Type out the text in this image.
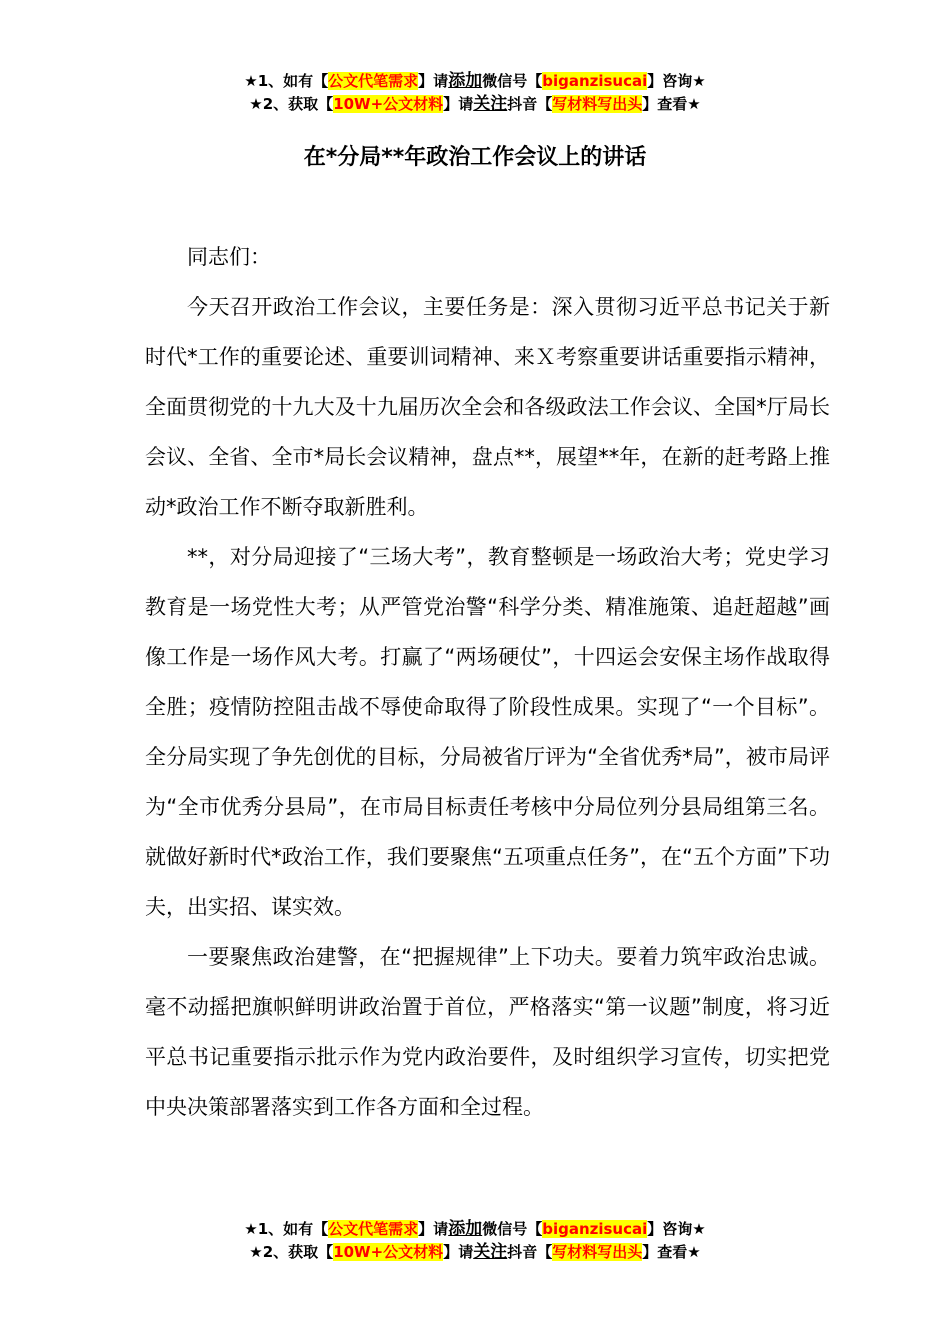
★1、如有【公文代笔需求】请添加微信号【biganzisucai】咨询★
★2、获取【10W+公文材料】请关注抖音【写材料写出头】查看★
在*分局**年政治工作会议上的讲话

同志们：

今天召开政治工作会议，主要任务是：深入贯彻习近平总书记关于新时代*工作的重要论述、重要训词精神、来Ｘ考察重要讲话重要指示精神，全面贯彻党的十九大及十九届历次全会和各级政法工作会议、全国*厅局长会议、全省、全市*局长会议精神，盘点**，展望**年，在新的赶考路上推动*政治工作不断夺取新胜利。

**，对分局迎接了“三场大考”，教育整顿是一场政治大考；党史学习教育是一场党性大考；从严管党治警“科学分类、精准施策、追赶超越”画像工作是一场作风大考。打赢了“两场硬仗”，十四运会安保主场作战取得全胜；疫情防控阻击战不辱使命取得了阶段性成果。实现了“一个目标”。全分局实现了争先创优的目标，分局被省厅评为“全省优秀*局”，被市局评为“全市优秀分县局”，在市局目标责任考核中分局位列分县局组第三名。就做好新时代*政治工作，我们要聚焦“五项重点任务”，在“五个方面”下功夫，出实招、谋实效。

一要聚焦政治建警，在“把握规律”上下功夫。要着力筑牢政治忠诚。毫不动摇把旗帜鲜明讲政治置于首位，严格落实“第一议题”制度，将习近平总书记重要指示批示作为党内政治要件，及时组织学习宣传，切实把党中央决策部署落实到工作各方面和全过程。

★1、如有【公文代笔需求】请添加微信号【biganzisucai】咨询★
★2、获取【10W+公文材料】请关注抖音【写材料写出头】查看★
